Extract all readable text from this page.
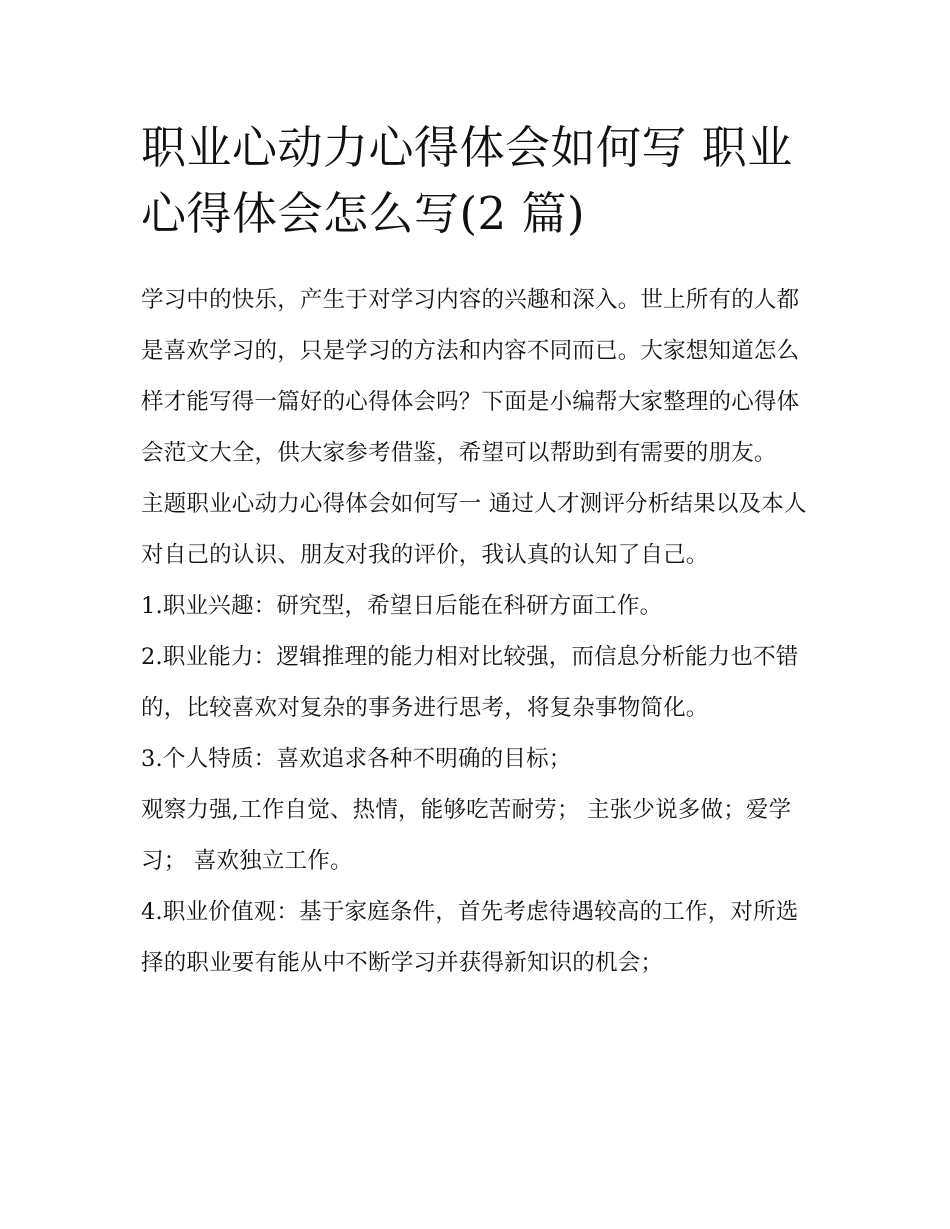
职业心动力心得体会如何写 职业心得体会怎么写(2 篇)

学习中的快乐，产生于对学习内容的兴趣和深入。世上所有的人都是喜欢学习的，只是学习的方法和内容不同而已。大家想知道怎么样才能写得一篇好的心得体会吗？下面是小编帮大家整理的心得体会范文大全，供大家参考借鉴，希望可以帮助到有需要的朋友。

主题职业心动力心得体会如何写一 通过人才测评分析结果以及本人对自己的认识、朋友对我的评价，我认真的认知了自己。

1.职业兴趣：研究型，希望日后能在科研方面工作。

2.职业能力：逻辑推理的能力相对比较强，而信息分析能力也不错的，比较喜欢对复杂的事务进行思考，将复杂事物简化。

3.个人特质：喜欢追求各种不明确的目标；

观察力强,工作自觉、热情，能够吃苦耐劳； 主张少说多做；爱学习； 喜欢独立工作。

4.职业价值观：基于家庭条件，首先考虑待遇较高的工作，对所选择的职业要有能从中不断学习并获得新知识的机会；
